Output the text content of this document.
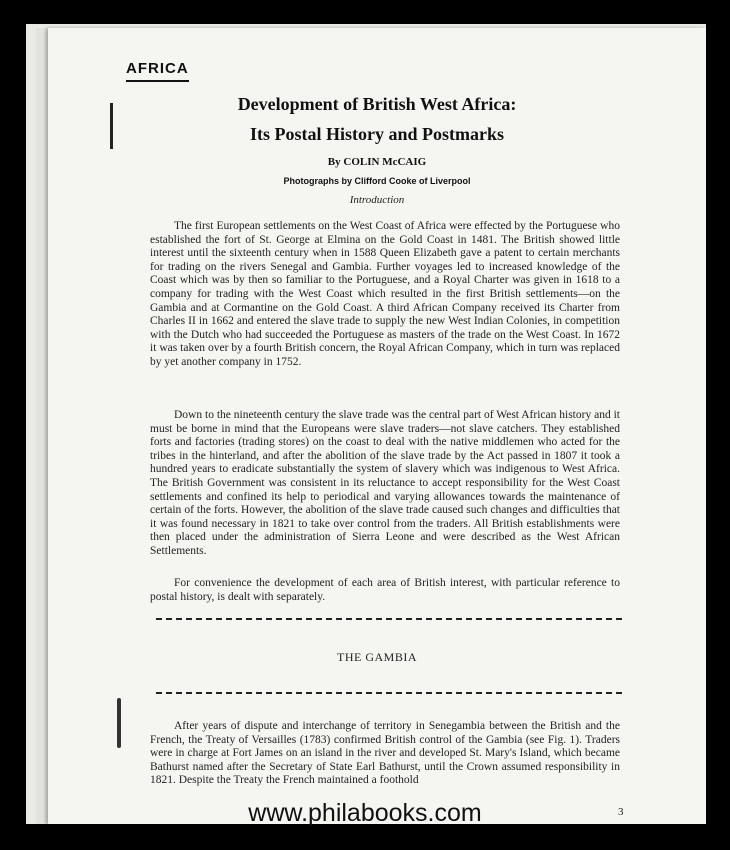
AFRICA
Development of British West Africa:
Its Postal History and Postmarks
By COLIN McCAIG
Photographs by Clifford Cooke of Liverpool
Introduction

The first European settlements on the West Coast of Africa were effected by the Portuguese who established the fort of St. George at Elmina on the Gold Coast in 1481. The British showed little interest until the sixteenth century when in 1588 Queen Elizabeth gave a patent to certain merchants for trading on the rivers Senegal and Gambia. Further voyages led to increased knowledge of the Coast which was by then so familiar to the Portuguese, and a Royal Charter was given in 1618 to a company for trading with the West Coast which resulted in the first British settlements—on the Gambia and at Cormantine on the Gold Coast. A third African Company received its Charter from Charles II in 1662 and entered the slave trade to supply the new West Indian Colonies, in competition with the Dutch who had succeeded the Portuguese as masters of the trade on the West Coast. In 1672 it was taken over by a fourth British concern, the Royal African Company, which in turn was replaced by yet another company in 1752.

Down to the nineteenth century the slave trade was the central part of West African history and it must be borne in mind that the Europeans were slave traders—not slave catchers. They established forts and factories (trading stores) on the coast to deal with the native middlemen who acted for the tribes in the hinterland, and after the abolition of the slave trade by the Act passed in 1807 it took a hundred years to eradicate substantially the system of slavery which was indigenous to West Africa. The British Government was consistent in its reluctance to accept responsibility for the West Coast settlements and confined its help to periodical and varying allowances towards the maintenance of certain of the forts. However, the abolition of the slave trade caused such changes and difficulties that it was found necessary in 1821 to take over control from the traders. All British establishments were then placed under the administration of Sierra Leone and were described as the West African Settlements.

For convenience the development of each area of British interest, with particular reference to postal history, is dealt with separately.

THE GAMBIA

After years of dispute and interchange of territory in Senegambia between the British and the French, the Treaty of Versailles (1783) confirmed British control of the Gambia (see Fig. 1). Traders were in charge at Fort James on an island in the river and developed St. Mary's Island, which became Bathurst named after the Secretary of State Earl Bathurst, until the Crown assumed responsibility in 1821. Despite the Treaty the French maintained a foothold

3
www.philabooks.com
